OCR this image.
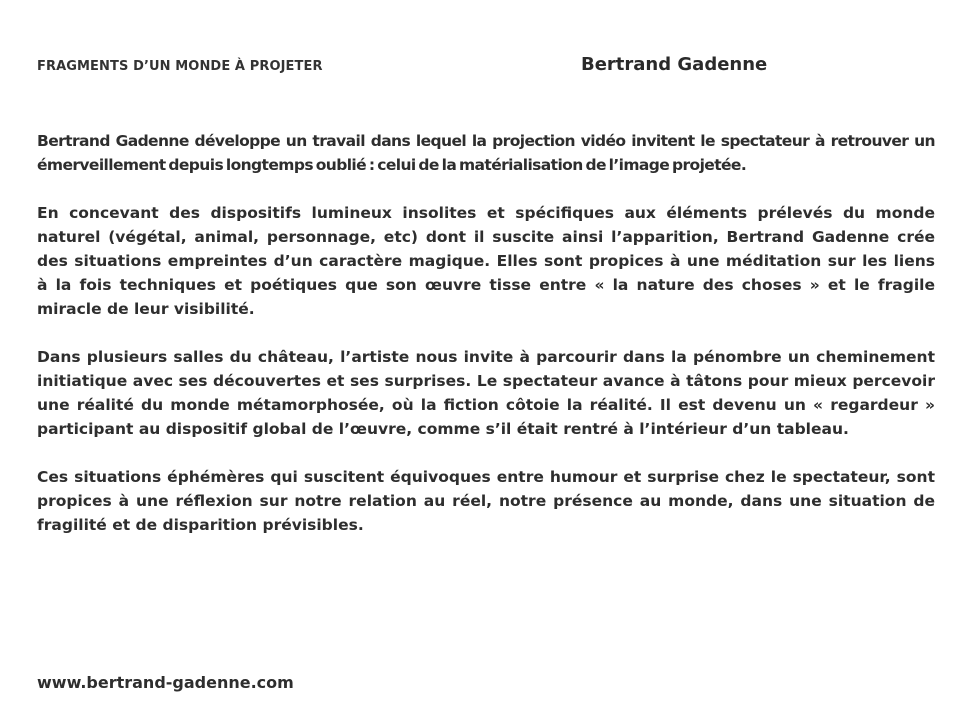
FRAGMENTS D’UN MONDE À PROJETER	Bertrand Gadenne

Bertrand Gadenne développe un travail dans lequel la projection vidéo invitent le spectateur à retrouver un émerveillement depuis longtemps oublié : celui de la matérialisation de l’image projetée.

En concevant des dispositifs lumineux insolites et spécifiques aux éléments prélevés du monde naturel (végétal, animal, personnage, etc) dont il suscite ainsi l’apparition, Bertrand Gadenne crée des situations empreintes d’un caractère magique. Elles sont propices à une méditation sur les liens à la fois techniques et poétiques que son œuvre tisse entre « la nature des choses » et le fragile miracle de leur visibilité.

Dans plusieurs salles du château, l’artiste nous invite à parcourir dans la pénombre un cheminement initiatique avec ses découvertes et ses surprises. Le spectateur avance à tâtons pour mieux percevoir une réalité du monde métamorphosée, où la fiction côtoie la réalité. Il est devenu un « regardeur » participant au dispositif global de l’œuvre, comme s’il était rentré à l’intérieur d’un tableau.

Ces situations éphémères qui suscitent équivoques entre humour et surprise chez le spectateur, sont propices à une réflexion sur notre relation au réel, notre présence au monde, dans une situation de fragilité et de disparition prévisibles.

www.bertrand-gadenne.com
